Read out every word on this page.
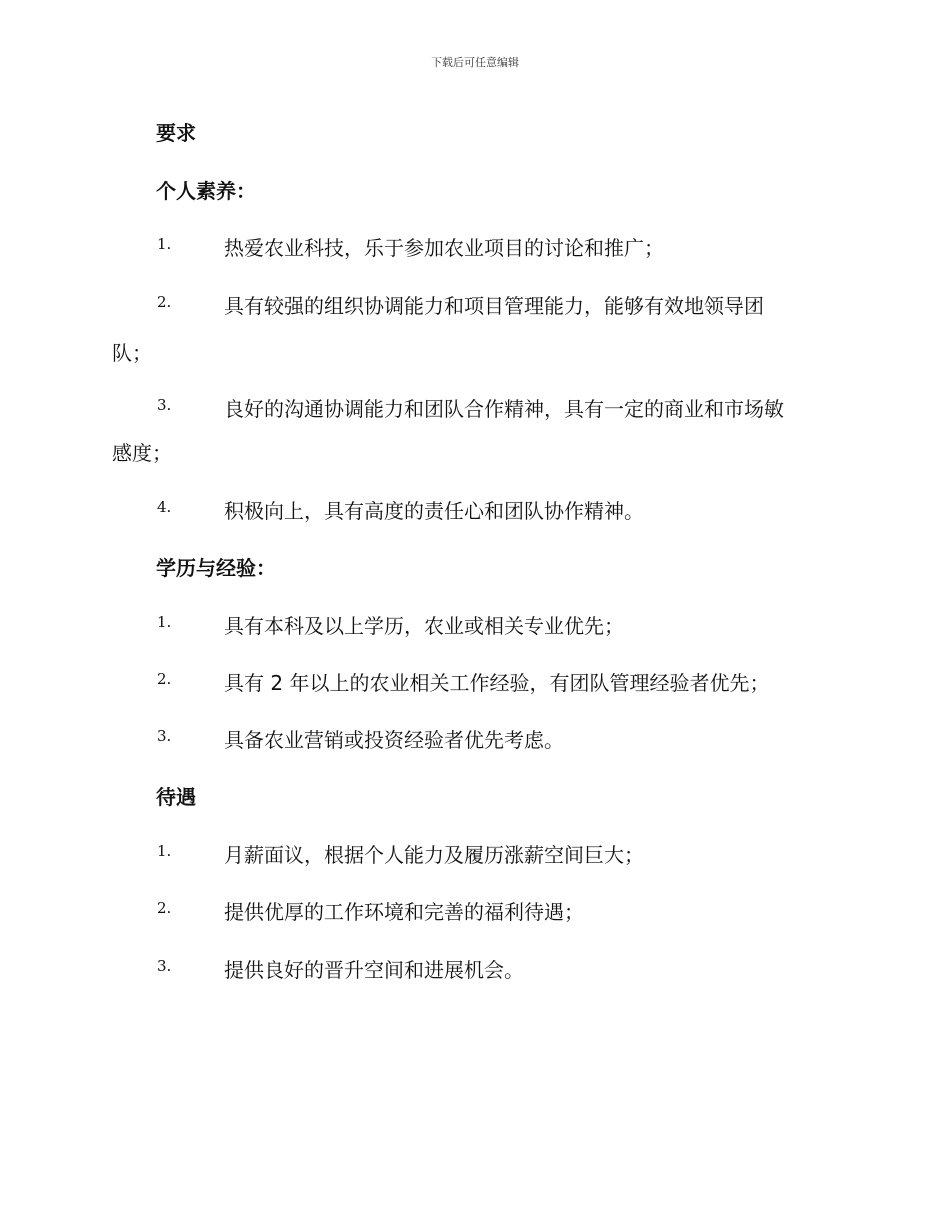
下载后可任意编辑
要求
个人素养：
1.	热爱农业科技，乐于参加农业项目的讨论和推广；
2.	具有较强的组织协调能力和项目管理能力，能够有效地领导团
队；
3.	良好的沟通协调能力和团队合作精神，具有一定的商业和市场敏
感度；
4.	积极向上，具有高度的责任心和团队协作精神。
学历与经验：
1.	具有本科及以上学历，农业或相关专业优先；
2.	具有 2 年以上的农业相关工作经验，有团队管理经验者优先；
3.	具备农业营销或投资经验者优先考虑。
待遇
1.	月薪面议，根据个人能力及履历涨薪空间巨大；
2.	提供优厚的工作环境和完善的福利待遇；
3.	提供良好的晋升空间和进展机会。
